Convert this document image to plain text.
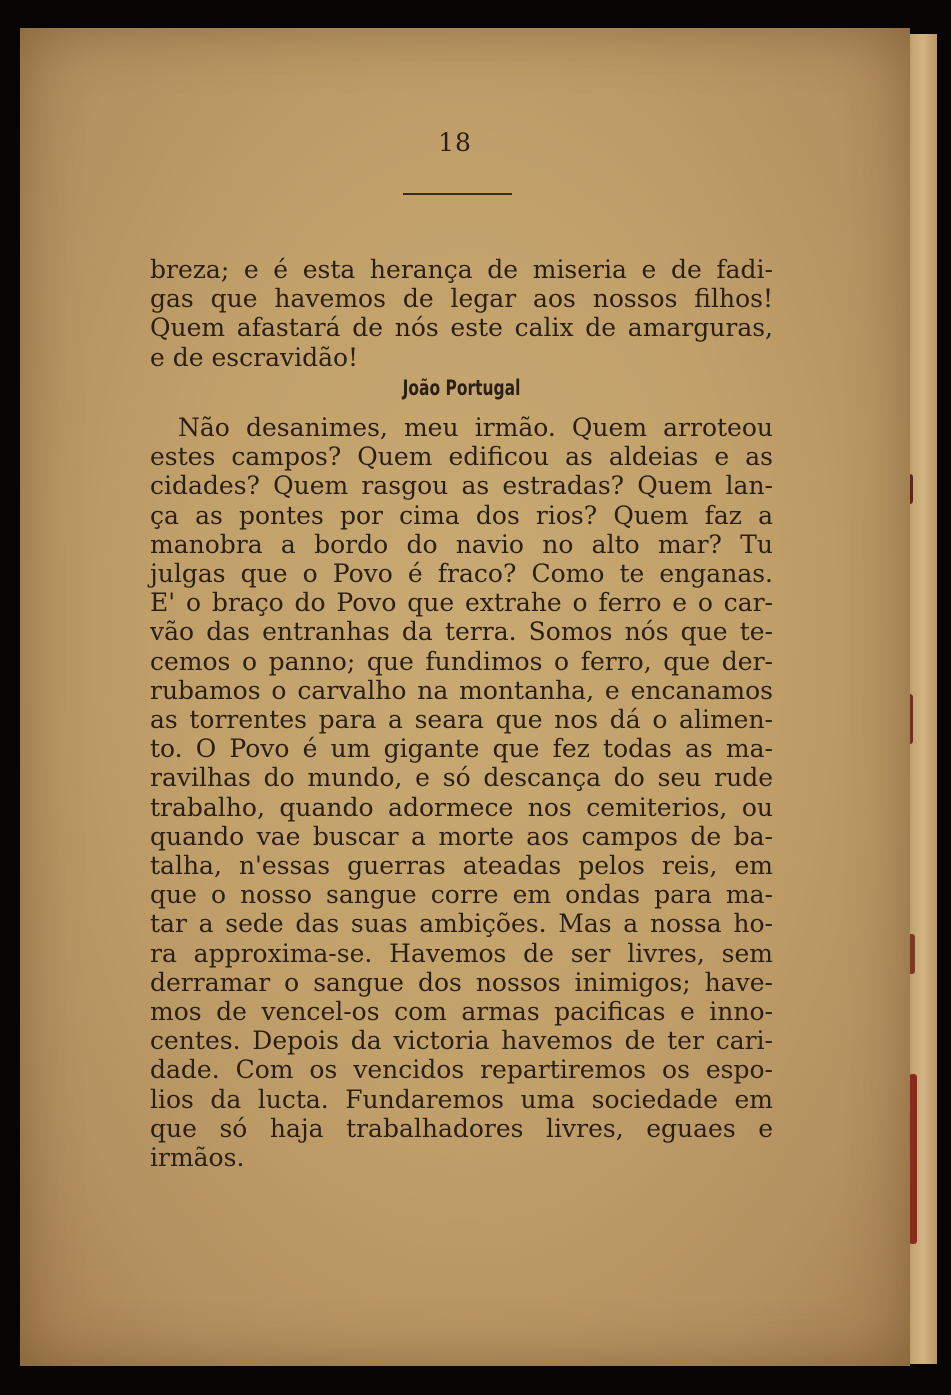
18
breza; e é esta herança de miseria e de fadi-
gas que havemos de legar aos nossos filhos!
Quem afastará de nós este calix de amarguras,
e de escravidão!
João Portugal
Não desanimes, meu irmão. Quem arroteou
estes campos? Quem edificou as aldeias e as
cidades? Quem rasgou as estradas? Quem lan-
ça as pontes por cima dos rios? Quem faz a
manobra a bordo do navio no alto mar? Tu
julgas que o Povo é fraco? Como te enganas.
E' o braço do Povo que extrahe o ferro e o car-
vão das entranhas da terra. Somos nós que te-
cemos o panno; que fundimos o ferro, que der-
rubamos o carvalho na montanha, e encanamos
as torrentes para a seara que nos dá o alimen-
to. O Povo é um gigante que fez todas as ma-
ravilhas do mundo, e só descança do seu rude
trabalho, quando adormece nos cemiterios, ou
quando vae buscar a morte aos campos de ba-
talha, n'essas guerras ateadas pelos reis, em
que o nosso sangue corre em ondas para ma-
tar a sede das suas ambições. Mas a nossa ho-
ra approxima-se. Havemos de ser livres, sem
derramar o sangue dos nossos inimigos; have-
mos de vencel-os com armas pacificas e inno-
centes. Depois da victoria havemos de ter cari-
dade. Com os vencidos repartiremos os espo-
lios da lucta. Fundaremos uma sociedade em
que só haja trabalhadores livres, eguaes e
irmãos.
